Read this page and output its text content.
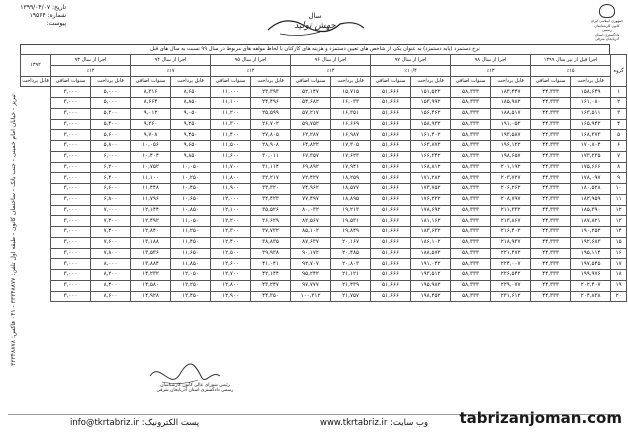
تاریخ: ۱۳۹۹/۰۴/۰۷
شماره: ۱۹۵۶۴
پیوست:	جمهوری اسلامی ایران
کانون کارشناسان رسمی
دادگستری استان آذربایجان شرقی
سال
جهش تولید
نرخ دستمزد (پایه دستمزد) به عنوان یکی از شاخص های تعیین دستمزد و هزینه های کارکنان با لحاظ مولفه های مربوط در سال ۹۹ نسبت به سال های قبل
گروه	اجرا قبل از تیر سال ۱۳۹۹		اجرا از سال ۹۸		اجرا از سال ۹۷		اجرا از سال ۹۶		اجرا از سال ۹۵		اجرا از سال ۹۴		اجرا از سال ۹۳		۱۳۹۲
	٪۱۵		٪۱۳		٪۱۰/۴		٪۱۴		٪۱۴		٪۱۷		٪۱۴		
	قابل پرداخت	سنوات اضافی	قابل پرداخت	سنوات اضافی	قابل پرداخت	سنوات اضافی	قابل پرداخت	سنوات اضافی	قابل پرداخت	سنوات اضافی	قابل پرداخت	سنوات اضافی	قابل پرداخت	سنوات اضافی	قابل پرداخت
۱	۱۵۸,۶۴۹	۴۴,۳۳۳	۱۸۳,۴۴۷	۵۸,۳۳۳	۱۵۱,۵۲۲	۵۱,۶۶۶	۱۵,۷۱۵	۵۲,۱۴۷	۲۳,۳۹۳	۱۱,۰۰۰	۸,۶۵۰	۸,۳۱۶	۵,۰۰۰	۳,۰۰۰	
۲	۱۶۱,۰۸۰	۴۴,۳۳۳	۱۸۵,۹۸۲	۵۸,۳۳۳	۱۵۳,۹۹۲	۵۱,۶۶۶	۱۶,۰۳۳	۵۴,۶۸۲	۲۴,۴۹۶	۱۱,۱۰۰	۸,۸۵۰	۸,۶۶۴	۵,۰۰۰	۳,۰۰۰	
۳	۱۶۳,۵۱۱	۴۴,۳۳۳	۱۸۸,۵۱۷	۵۸,۳۳۳	۱۵۶,۴۶۲	۵۱,۶۶۶	۱۶,۳۵۱	۵۷,۲۱۷	۲۵,۵۹۹	۱۱,۲۰۰	۹,۰۵۰	۹,۰۱۲	۵,۲۰۰	۳,۰۰۰	
۴	۱۶۵,۹۴۲	۴۴,۳۳۳	۱۹۱,۰۵۲	۵۸,۳۳۳	۱۵۸,۹۳۲	۵۱,۶۶۶	۱۶,۶۶۹	۵۹,۷۵۲	۲۶,۷۰۲	۱۱,۳۰۰	۹,۲۵۰	۹,۳۶۰	۵,۴۰۰	۳,۰۰۰	
۵	۱۶۸,۳۷۳	۴۴,۳۳۳	۱۹۳,۵۸۷	۵۸,۳۳۳	۱۶۱,۴۰۲	۵۱,۶۶۶	۱۶,۹۸۷	۶۲,۲۸۷	۲۷,۸۰۵	۱۱,۴۰۰	۹,۴۵۰	۹,۷۰۸	۵,۶۰۰	۳,۰۰۰	
۶	۱۷۰,۸۰۴	۴۴,۳۳۳	۱۹۶,۱۲۲	۵۸,۳۳۳	۱۶۳,۸۷۲	۵۱,۶۶۶	۱۷,۳۰۵	۶۴,۸۲۲	۲۸,۹۰۸	۱۱,۵۰۰	۹,۶۵۰	۱۰,۰۵۶	۵,۸۰۰	۳,۰۰۰	
۷	۱۷۳,۲۳۵	۴۴,۳۳۳	۱۹۸,۶۵۷	۵۸,۳۳۳	۱۶۶,۳۴۲	۵۱,۶۶۶	۱۷,۶۲۳	۶۷,۳۵۷	۳۰,۰۱۱	۱۱,۶۰۰	۹,۸۵۰	۱۰,۴۰۴	۶,۰۰۰	۳,۰۰۰	
۸	۱۷۵,۶۶۶	۴۴,۳۳۳	۲۰۱,۱۹۲	۵۸,۳۳۳	۱۶۸,۸۱۲	۵۱,۶۶۶	۱۷,۹۴۱	۶۹,۸۹۲	۳۱,۱۱۴	۱۱,۷۰۰	۱۰,۰۵۰	۱۰,۷۵۲	۶,۲۰۰	۳,۰۰۰	
۹	۱۷۸,۰۹۷	۴۴,۳۳۳	۲۰۳,۷۲۷	۵۸,۳۳۳	۱۷۱,۲۸۲	۵۱,۶۶۶	۱۸,۲۵۹	۷۲,۴۲۷	۳۲,۲۱۷	۱۱,۸۰۰	۱۰,۲۵۰	۱۱,۱۰۰	۶,۴۰۰	۳,۰۰۰	
۱۰	۱۸۰,۵۲۸	۴۴,۳۳۳	۲۰۶,۲۶۲	۵۸,۳۳۳	۱۷۳,۷۵۲	۵۱,۶۶۶	۱۸,۵۷۷	۷۴,۹۶۲	۳۳,۳۲۰	۱۱,۹۰۰	۱۰,۴۵۰	۱۱,۴۴۸	۶,۶۰۰	۳,۰۰۰	
۱۱	۱۸۲,۹۵۹	۴۴,۳۳۳	۲۰۸,۷۹۷	۵۸,۳۳۳	۱۷۶,۲۲۲	۵۱,۶۶۶	۱۸,۸۹۵	۷۷,۴۹۷	۳۴,۴۲۳	۱۲,۰۰۰	۱۰,۶۵۰	۱۱,۷۹۶	۶,۸۰۰	۳,۰۰۰	
۱۲	۱۸۵,۳۹۰	۴۴,۳۳۳	۲۱۱,۳۳۲	۵۸,۳۳۳	۱۷۸,۶۹۲	۵۱,۶۶۶	۱۹,۲۱۳	۸۰,۰۳۲	۳۵,۵۲۶	۱۲,۱۰۰	۱۰,۸۵۰	۱۲,۱۴۴	۷,۰۰۰	۳,۰۰۰	
۱۳	۱۸۷,۸۲۱	۴۴,۳۳۳	۲۱۳,۸۶۷	۵۸,۳۳۳	۱۸۱,۱۶۲	۵۱,۶۶۶	۱۹,۵۳۱	۸۲,۵۶۷	۳۶,۶۲۹	۱۲,۲۰۰	۱۱,۰۵۰	۱۲,۴۹۲	۷,۲۰۰	۳,۰۰۰	
۱۴	۱۹۰,۲۵۲	۴۴,۳۳۳	۲۱۶,۴۰۲	۵۸,۳۳۳	۱۸۳,۶۳۲	۵۱,۶۶۶	۱۹,۸۴۹	۸۵,۱۰۲	۳۷,۷۳۲	۱۲,۳۰۰	۱۱,۲۵۰	۱۲,۸۴۰	۷,۴۰۰	۳,۰۰۰	
۱۵	۱۹۲,۶۸۳	۴۴,۳۳۳	۲۱۸,۹۳۷	۵۸,۳۳۳	۱۸۶,۱۰۲	۵۱,۶۶۶	۲۰,۱۶۷	۸۷,۶۳۷	۳۸,۸۳۵	۱۲,۴۰۰	۱۱,۴۵۰	۱۳,۱۸۸	۷,۶۰۰	۳,۰۰۰	
۱۶	۱۹۵,۱۱۴	۴۴,۳۳۳	۲۲۱,۴۷۲	۵۸,۳۳۳	۱۸۸,۵۷۲	۵۱,۶۶۶	۲۰,۴۸۵	۹۰,۱۷۲	۳۹,۹۳۸	۱۲,۵۰۰	۱۱,۶۵۰	۱۳,۵۳۶	۷,۸۰۰	۳,۰۰۰	
۱۷	۱۹۷,۵۴۵	۴۴,۳۳۳	۲۲۴,۰۰۷	۵۸,۳۳۳	۱۹۱,۰۴۲	۵۱,۶۶۶	۲۰,۸۰۳	۹۲,۷۰۷	۴۱,۰۴۱	۱۲,۶۰۰	۱۱,۸۵۰	۱۳,۸۸۴	۸,۰۰۰	۳,۰۰۰	
۱۸	۱۹۹,۹۷۶	۴۴,۳۳۳	۲۲۶,۵۴۲	۵۸,۳۳۳	۱۹۳,۵۱۲	۵۱,۶۶۶	۲۱,۱۲۱	۹۵,۲۴۲	۴۲,۱۴۴	۱۲,۷۰۰	۱۲,۰۵۰	۱۴,۲۳۲	۸,۲۰۰	۳,۰۰۰	
۱۹	۲۰۲,۴۰۷	۴۴,۳۳۳	۲۲۹,۰۷۷	۵۸,۳۳۳	۱۹۵,۹۸۲	۵۱,۶۶۶	۲۱,۴۳۹	۹۷,۷۷۷	۴۳,۲۴۷	۱۲,۸۰۰	۱۲,۲۵۰	۱۴,۵۸۰	۸,۴۰۰	۳,۰۰۰	
۲۰	۲۰۴,۸۳۸	۴۴,۳۳۳	۲۳۱,۶۱۲	۵۸,۳۳۳	۱۹۸,۴۵۲	۵۱,۶۶۶	۲۱,۷۵۷	۱۰۰,۳۱۲	۴۴,۳۵۰	۱۲,۹۰۰	۱۲,۴۵۰	۱۴,۹۲۸	۸,۶۰۰	۳,۰۰۰	
تبریز - خیابان امام خمینی - جنب بانک - ساختمان کانون - طبقه اول تلفن: ۳۳۳۴۸۸۷۷ - ۰۴۱ فاکس: ۳۳۳۴۸۸۷۸
رئیس شورای عالی کانون کارشناسان
رسمی دادگستری استان آذربایجان شرقی
پست الکترونیک: info@tkrtabriz.ir	وب سایت: www.tkrtabriz.ir	tabrizanjoman.com
